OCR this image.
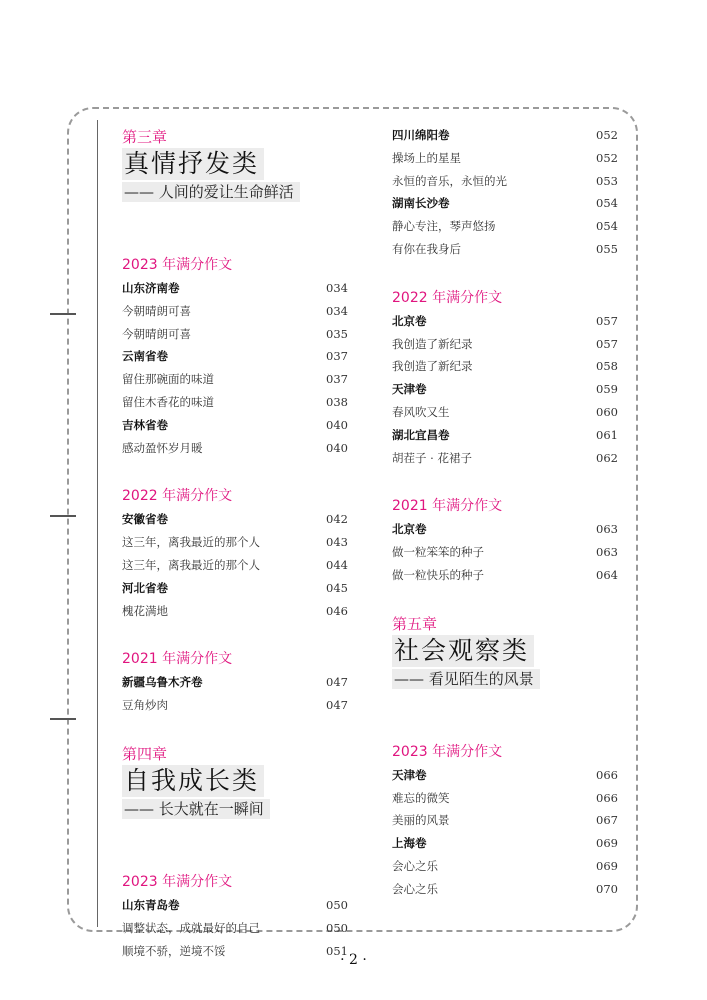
第三章
真情抒发类
—— 人间的爱让生命鲜活
2023 年满分作文
山东济南卷	034
今朝晴朗可喜	034
今朝晴朗可喜	035
云南省卷	037
留住那碗面的味道	037
留住木香花的味道	038
吉林省卷	040
感动盈怀岁月暖	040
2022 年满分作文
安徽省卷	042
这三年，离我最近的那个人	043
这三年，离我最近的那个人	044
河北省卷	045
槐花满地	046
2021 年满分作文
新疆乌鲁木齐卷	047
豆角炒肉	047
第四章
自我成长类
—— 长大就在一瞬间
2023 年满分作文
山东青岛卷	050
调整状态，成就最好的自己	050
顺境不骄，逆境不馁	051
四川绵阳卷	052
操场上的星星	052
永恒的音乐，永恒的光	053
湖南长沙卷	054
静心专注，琴声悠扬	054
有你在我身后	055
2022 年满分作文
北京卷	057
我创造了新纪录	057
我创造了新纪录	058
天津卷	059
春风吹又生	060
湖北宜昌卷	061
胡茬子 · 花裙子	062
2021 年满分作文
北京卷	063
做一粒笨笨的种子	063
做一粒快乐的种子	064
第五章
社会观察类
—— 看见陌生的风景
2023 年满分作文
天津卷	066
难忘的微笑	066
美丽的风景	067
上海卷	069
会心之乐	069
会心之乐	070
· 2 ·
